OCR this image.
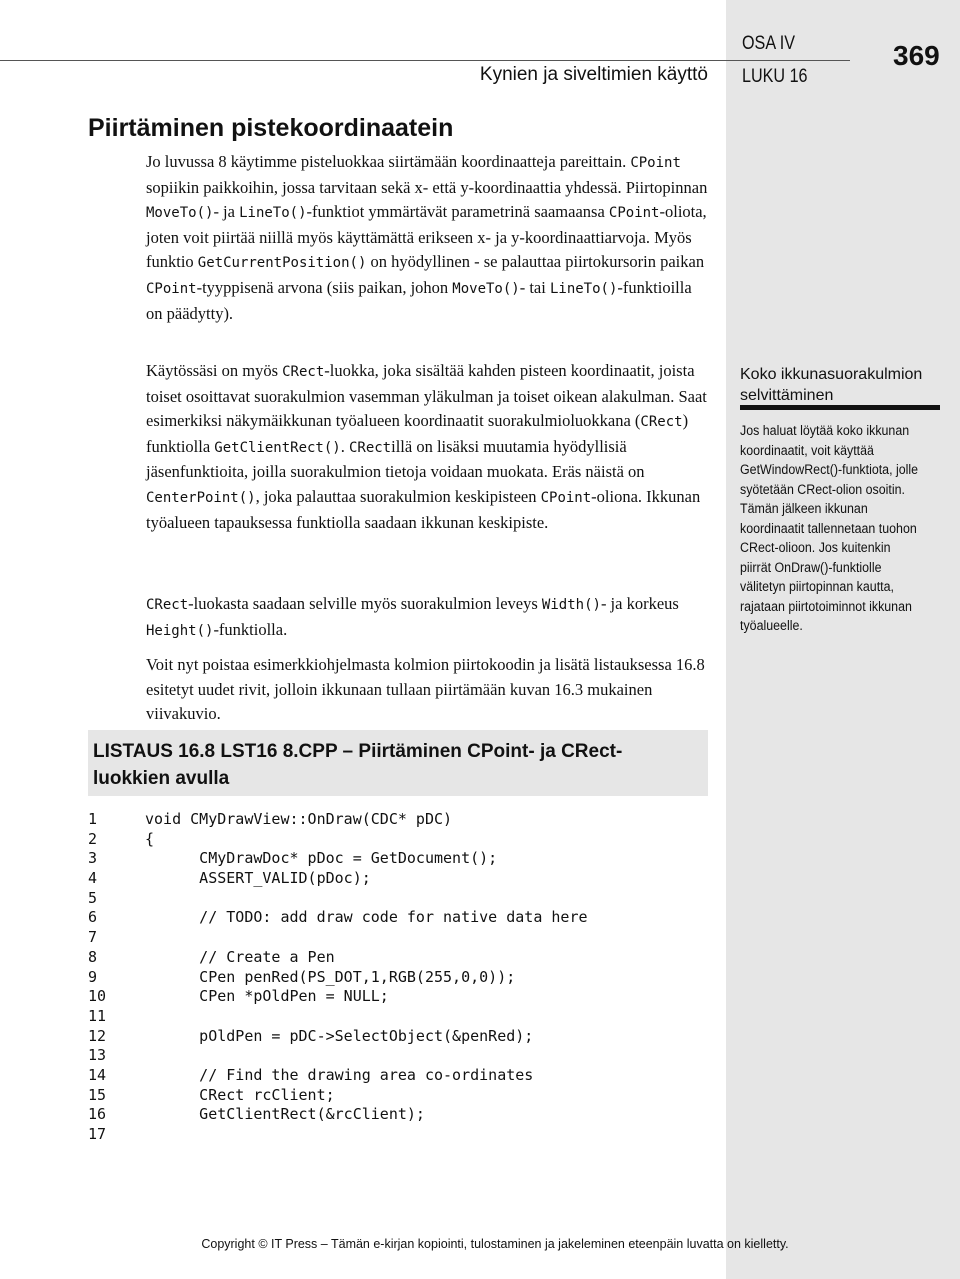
Kynien ja siveltimien käyttö
OSA IV
LUKU 16
369
Piirtäminen pistekoordinaatein

Jo luvussa 8 käytimme pisteluokkaa siirtämään koordinaatteja pareittain. CPoint sopiikin paikkoihin, jossa tarvitaan sekä x- että y-koordinaattia yhdessä. Piirtopinnan MoveTo()- ja LineTo()-funktiot ymmärtävät parametrinä saamaansa CPoint-oliota, joten voit piirtää niillä myös käyttämättä erikseen x- ja y-koordinaattiarvoja. Myös funktio GetCurrentPosition() on hyödyllinen - se palauttaa piirtokursorin paikan CPoint-tyyppisenä arvona (siis paikan, johon MoveTo()- tai LineTo()-funktioilla on päädytty).

Käytössäsi on myös CRect-luokka, joka sisältää kahden pisteen koordinaatit, joista toiset osoittavat suorakulmion vasemman yläkulman ja toiset oikean alakulman. Saat esimerkiksi näkymäikkunan työalueen koordinaatit suorakulmioluokkana (CRect) funktiolla GetClientRect(). CRectillä on lisäksi muutamia hyödyllisiä jäsenfunktioita, joilla suorakulmion tietoja voidaan muokata. Eräs näistä on CenterPoint(), joka palauttaa suorakulmion keskipisteen CPoint-oliona. Ikkunan työalueen tapauksessa funktiolla saadaan ikkunan keskipiste.

CRect-luokasta saadaan selville myös suorakulmion leveys Width()- ja korkeus Height()-funktiolla.

Voit nyt poistaa esimerkkiohjelmasta kolmion piirtokoodin ja lisätä listauksessa 16.8 esitetyt uudet rivit, jolloin ikkunaan tullaan piirtämään kuvan 16.3 mukainen viivakuvio.

LISTAUS 16.8 LST16 8.CPP – Piirtäminen CPoint- ja CRect-luokkien avulla
1	void CMyDrawView::OnDraw(CDC* pDC)
2	{
3	CMyDrawDoc* pDoc = GetDocument();
4	ASSERT_VALID(pDoc);
5
6	// TODO: add draw code for native data here
7
8	// Create a Pen
9	CPen penRed(PS_DOT,1,RGB(255,0,0));
10	CPen *pOldPen = NULL;
11
12	pOldPen = pDC->SelectObject(&penRed);
13
14	// Find the drawing area co-ordinates
15	CRect rcClient;
16	GetClientRect(&rcClient);
17
Koko ikkunasuorakulmion selvittäminen
Jos haluat löytää koko ikkunan koordinaatit, voit käyttää GetWindowRect()-funktiota, jolle syötetään CRect-olion osoitin. Tämän jälkeen ikkunan koordinaatit tallennetaan tuohon CRect-olioon. Jos kuitenkin piirrät OnDraw()-funktiolle välitetyn piirtopinnan kautta, rajataan piirtotoiminnot ikkunan työalueelle.
Copyright © IT Press – Tämän e-kirjan kopiointi, tulostaminen ja jakeleminen eteenpäin luvatta on kielletty.
